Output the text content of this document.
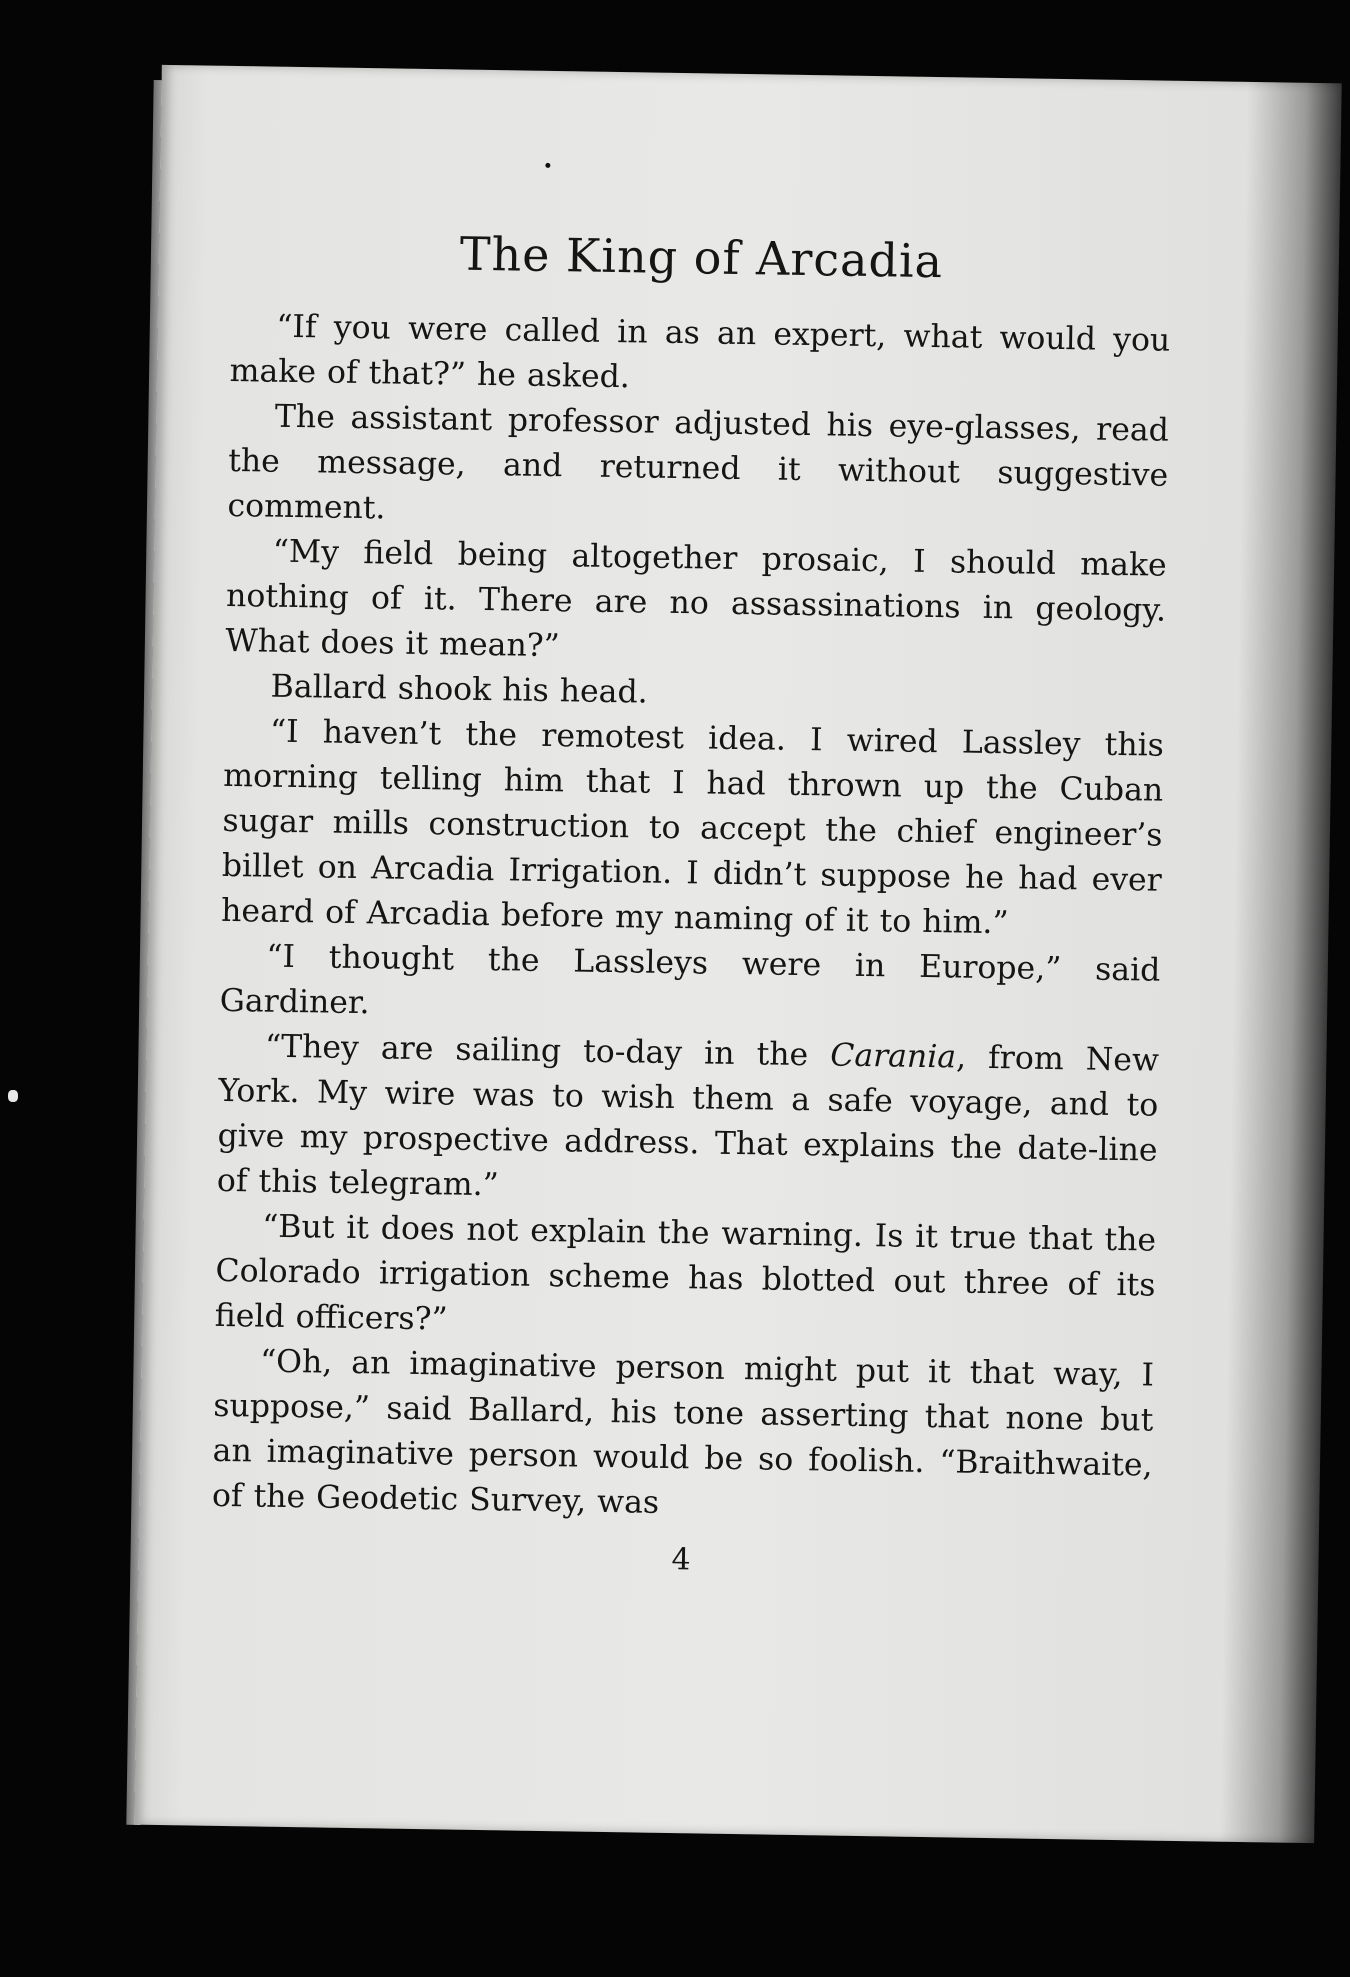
The King of Arcadia

“If you were called in as an expert, what would you make of that?” he asked.

The assistant professor adjusted his eye-glasses, read the message, and returned it without suggestive comment.

“My field being altogether prosaic, I should make nothing of it. There are no assassinations in geology. What does it mean?”

Ballard shook his head.

“I haven’t the remotest idea. I wired Lassley this morning telling him that I had thrown up the Cuban sugar mills construction to accept the chief engineer’s billet on Arcadia Irrigation. I didn’t suppose he had ever heard of Arcadia before my naming of it to him.”

“I thought the Lassleys were in Europe,” said Gardiner.

“They are sailing to-day in the Carania, from New York. My wire was to wish them a safe voyage, and to give my prospective address. That explains the date-line of this telegram.”

“But it does not explain the warning. Is it true that the Colorado irrigation scheme has blotted out three of its field officers?”

“Oh, an imaginative person might put it that way, I suppose,” said Ballard, his tone asserting that none but an imaginative person would be so foolish. “Braithwaite, of the Geodetic Survey, was

4
